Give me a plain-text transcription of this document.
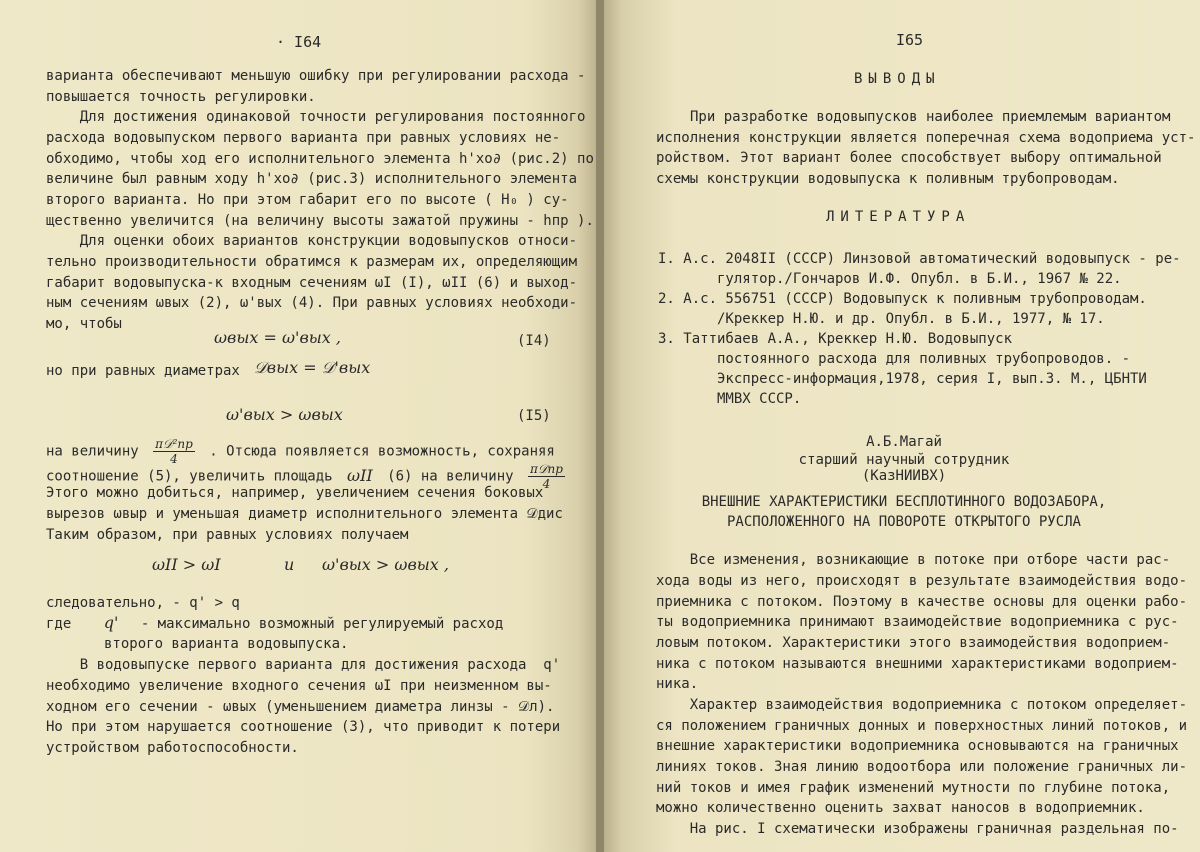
· I64

варианта обеспечивают меньшую ошибку при регулировании расхода -

повышается точность регулировки.

Для достижения одинаковой точности регулирования постоянного

расхода водовыпуском первого варианта при равных условиях не-

обходимо, чтобы ход его исполнительного элемента h'хо∂ (рис.2) по

величине был равным ходу h'хо∂ (рис.3) исполнительного элемента

второго варианта. Но при этом габарит его по высоте ( H₀ ) су-

щественно увеличится (на величину высоты зажатой пружины - hпр ).

Для оценки обоих вариантов конструкции водовыпусков относи-

тельно производительности обратимся к размерам их, определяющим

габарит водовыпуска-к входным сечениям ωI (I), ωII (6) и выход-

ным сечениям ωвых (2), ω'вых (4). При равных условиях необходи-

мо, чтобы

ωвых = ω'вых ,	(I4)

но при равных диаметрах 𝒟вых = 𝒟'вых
ω'вых > ωвых	(I5)
на величину $\frac{\text{π𝒟²пр}}{4}$ . Отсюда появляется возможность, сохраняя
соотношение (5), увеличить площадь ωII (6) на величину $\frac{\text{π𝒟пр}}{4}$

Этого можно добиться, например, увеличением сечения боковых

вырезов ωвыр и уменьшая диаметр исполнительного элемента 𝒟дис

Таким образом, при равных условиях получаем

ωII > ωI	и ω'вых > ωвых ,

следовательно, - q' > q

где q' - максимально возможный регулируемый расход

второго варианта водовыпуска.

В водовыпуске первого варианта для достижения расхода  q'

необходимо увеличение входного сечения ωI при неизменном вы-

ходном его сечении - ωвых (уменьшением диаметра линзы - 𝒟л).

Но при этом нарушается соотношение (3), что приводит к потери

устройством работоспособности.

I65
ВЫВОДЫ

При разработке водовыпусков наиболее приемлемым вариантом

исполнения конструкции является поперечная схема водоприема уст-

ройством. Этот вариант более способствует выбору оптимальной

схемы конструкции водовыпуска к поливным трубопроводам.

ЛИТЕРАТУРА

I. А.с. 2048II (СССР) Линзовой автоматический водовыпуск - ре-

гулятор./Гончаров И.Ф. Опубл. в Б.И., 1967 № 22.

2. А.с. 556751 (СССР) Водовыпуск к поливным трубопроводам.

/Креккер Н.Ю. и др. Опубл. в Б.И., 1977, № 17.

3. Таттибаев А.А., Креккер Н.Ю. Водовыпуск

постоянного расхода для поливных трубопроводов. -

Экспресс-информация,1978, серия I, вып.3. М., ЦБНТИ

ММВХ СССР.

А.Б.Магай
старший научный сотрудник
(КазНИИВХ)
ВНЕШНИЕ ХАРАКТЕРИСТИКИ БЕСПЛОТИННОГО ВОДОЗАБОРА,
РАСПОЛОЖЕННОГО НА ПОВОРОТЕ ОТКРЫТОГО РУСЛА

Все изменения, возникающие в потоке при отборе части рас-

хода воды из него, происходят в результате взаимодействия водо-

приемника с потоком. Поэтому в качестве основы для оценки рабо-

ты водоприемника принимают взаимодействие водоприемника с рус-

ловым потоком. Характеристики этого взаимодействия водоприем-

ника с потоком называются внешними характеристиками водоприем-

ника.

Характер взаимодействия водоприемника с потоком определяет-

ся положением граничных донных и поверхностных линий потоков, и

внешние характеристики водоприемника основываются на граничных

линиях токов. Зная линию водоотбора или положение граничных ли-

ний токов и имея график изменений мутности по глубине потока,

можно количественно оценить захват наносов в водоприемник.

На рис. I схематически изображены граничная раздельная по-
